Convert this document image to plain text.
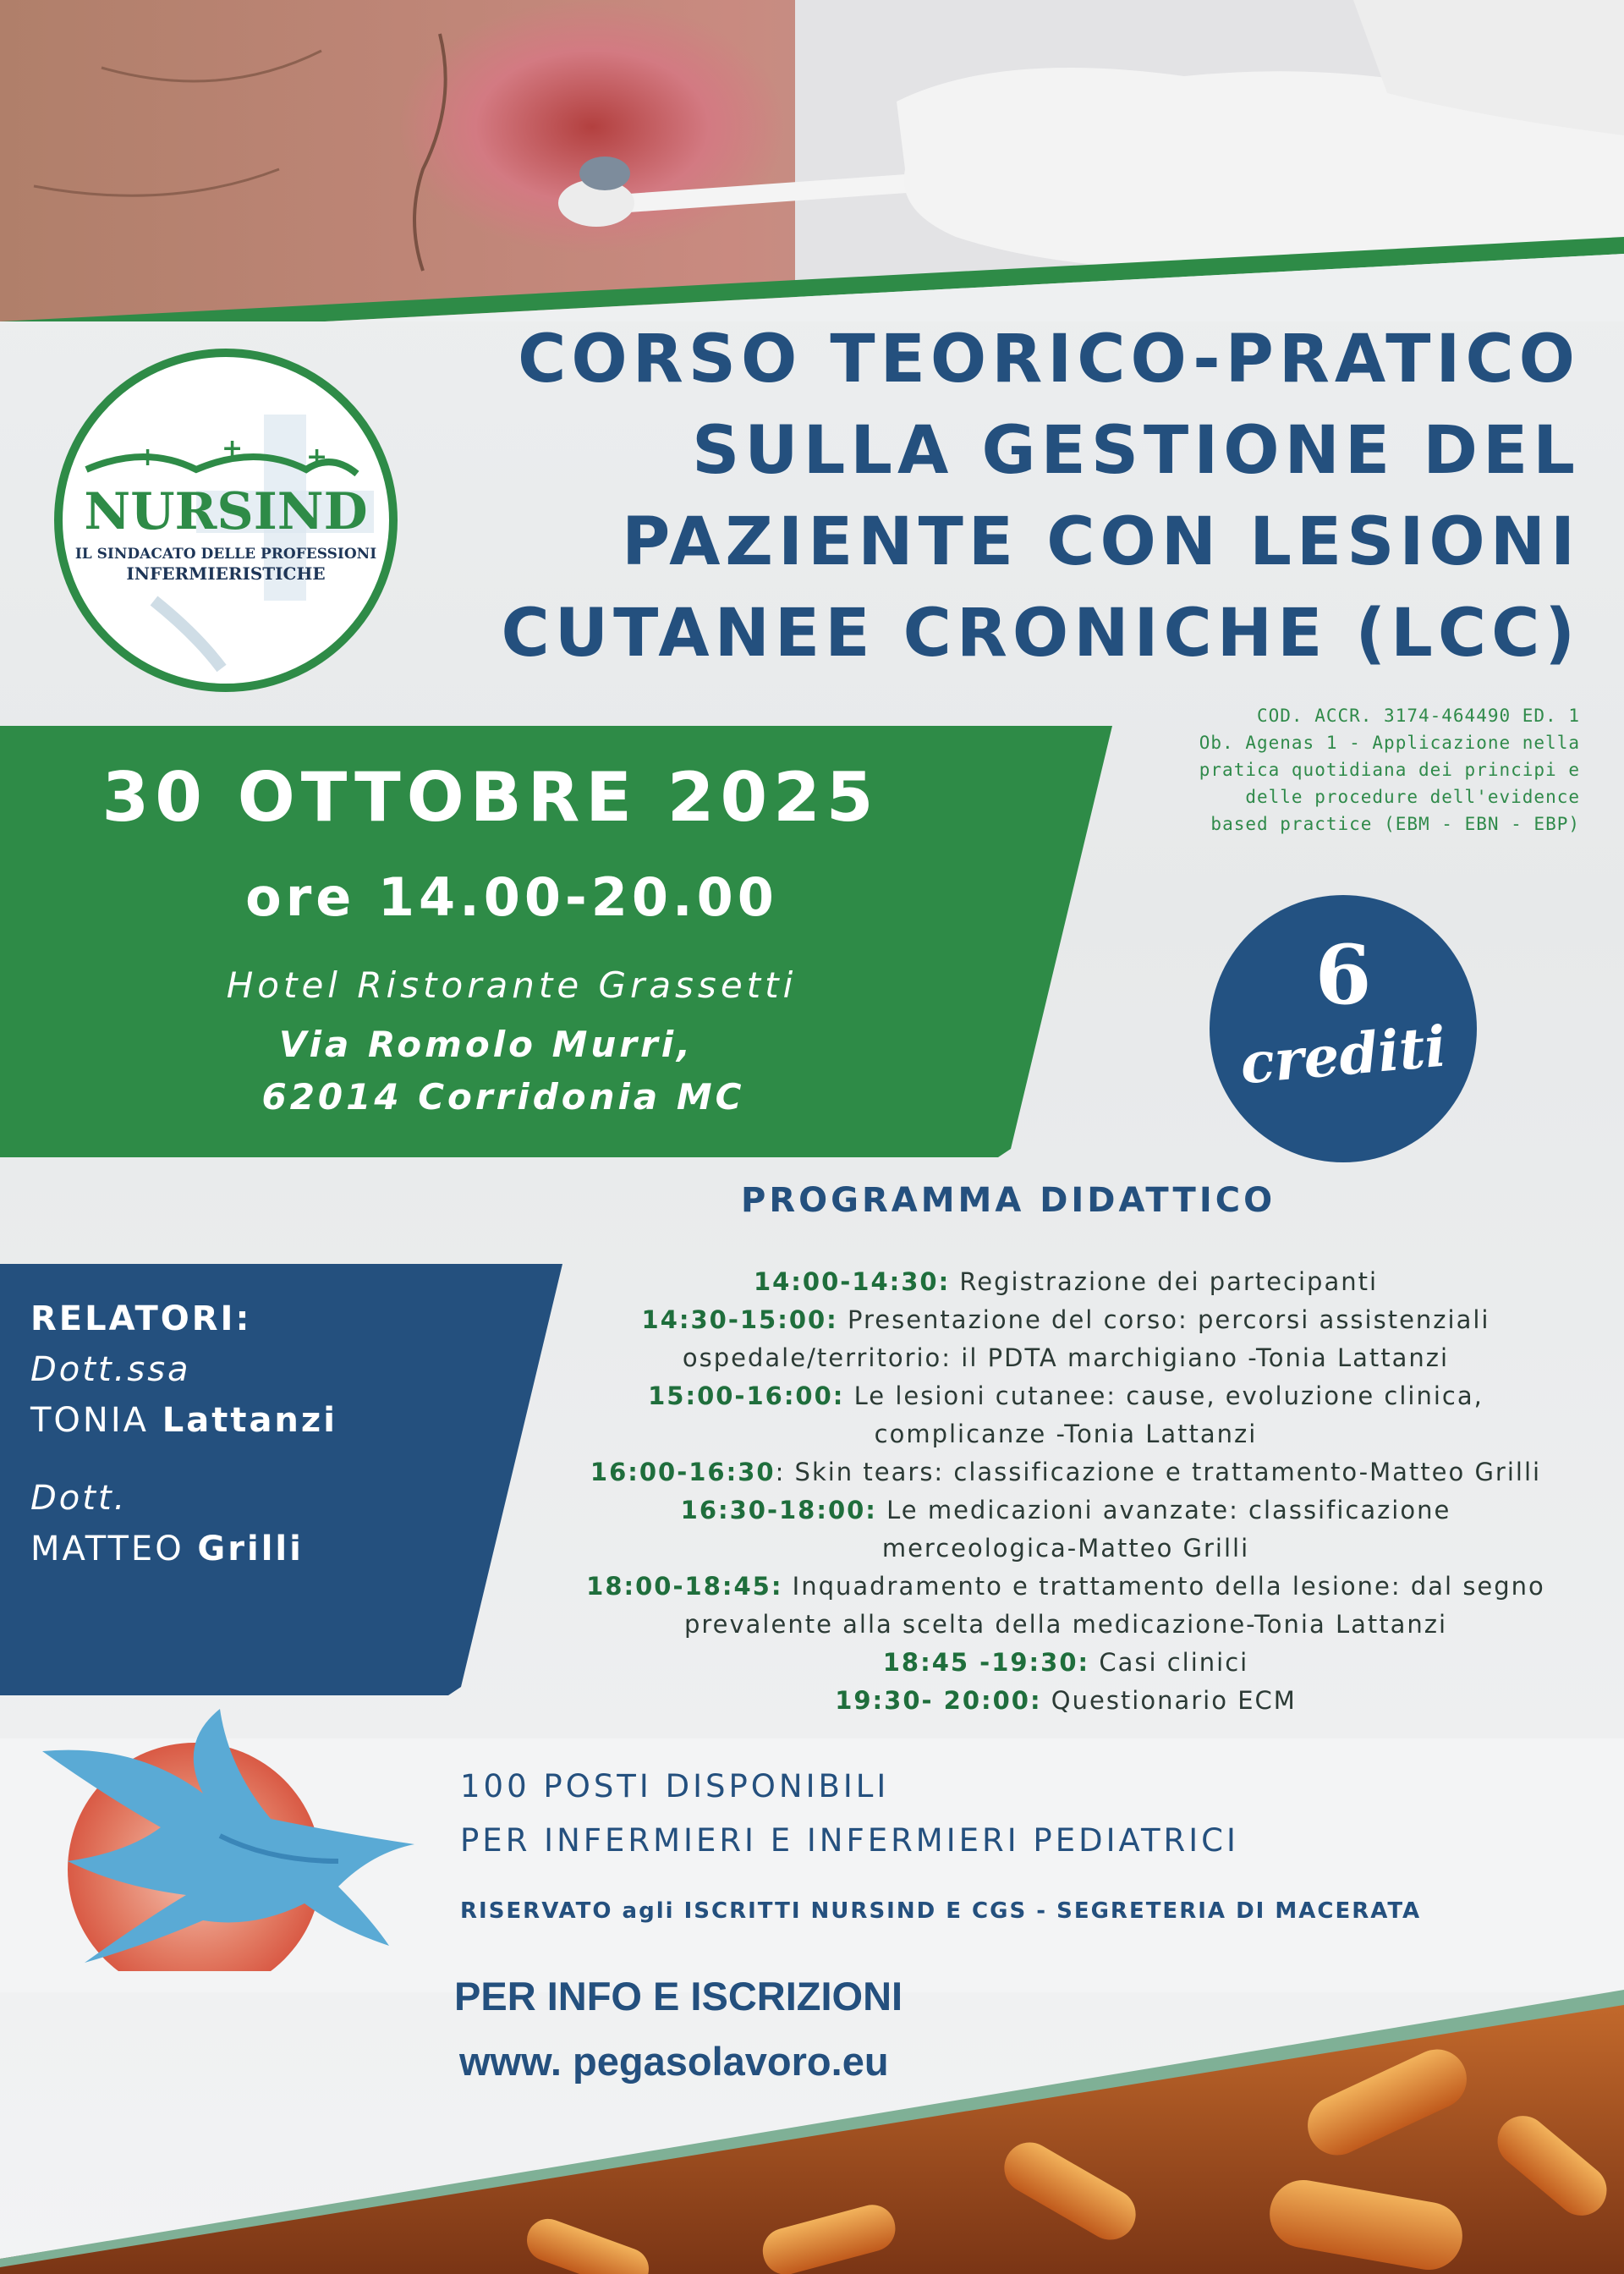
CORSO TEORICO-PRATICO
SULLA GESTIONE DEL
PAZIENTE CON LESIONI
CUTANEE CRONICHE (LCC)
+ + +
NURSIND
IL SINDACATO DELLE PROFESSIONI
INFERMIERISTICHE
COD. ACCR. 3174-464490 ED. 1
Ob. Agenas 1 - Applicazione nella
pratica quotidiana dei principi e
delle procedure dell'evidence
based practice (EBM - EBN - EBP)
30 OTTOBRE 2025
ore 14.00-20.00
Hotel Ristorante Grassetti
Via Romolo Murri,
62014 Corridonia MC
6
crediti
PROGRAMMA DIDATTICO
RELATORI:
Dott.ssa
TONIA Lattanzi
Dott.
MATTEO Grilli
14:00-14:30: Registrazione dei partecipanti
14:30-15:00: Presentazione del corso: percorsi assistenziali
ospedale/territorio: il PDTA marchigiano -Tonia Lattanzi
15:00-16:00: Le lesioni cutanee: cause, evoluzione clinica,
complicanze -Tonia Lattanzi
16:00-16:30: Skin tears: classificazione e trattamento-Matteo Grilli
16:30-18:00: Le medicazioni avanzate: classificazione
merceologica-Matteo Grilli
18:00-18:45: Inquadramento e trattamento della lesione: dal segno
prevalente alla scelta della medicazione-Tonia Lattanzi
18:45 -19:30: Casi clinici
19:30- 20:00: Questionario ECM
100 POSTI DISPONIBILI
PER INFERMIERI E INFERMIERI PEDIATRICI
RISERVATO agli ISCRITTI NURSIND E CGS - SEGRETERIA DI MACERATA
PER INFO E ISCRIZIONI
www. pegasolavoro.eu
